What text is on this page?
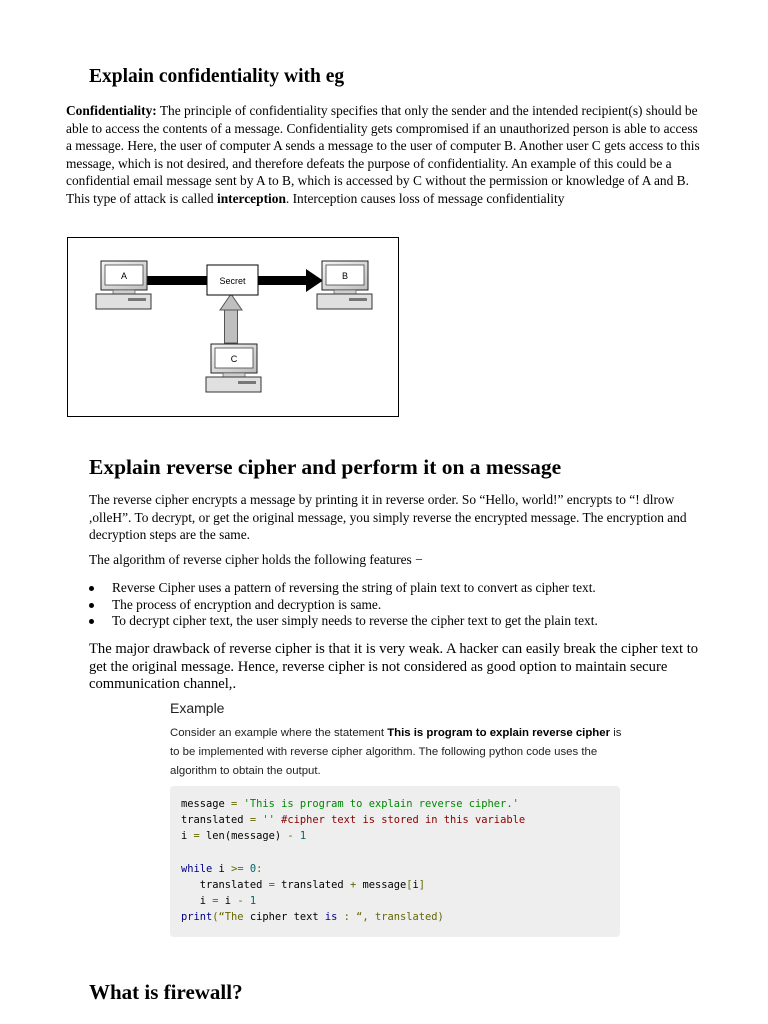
Explain confidentiality with eg

Confidentiality: The principle of confidentiality specifies that only the sender and the intended recipient(s) should be able to access the contents of a message. Confidentiality gets compromised if an unauthorized person is able to access a message. Here, the user of computer A sends a message to the user of computer B. Another user C gets access to this message, which is not desired, and therefore defeats the purpose of confidentiality. An example of this could be a confidential email message sent by A to B, which is accessed by C without the permission or knowledge of A and B. This type of attack is called interception. Interception causes loss of message confidentiality

Secret
A	B
C
Explain reverse cipher and perform it on a message

The reverse cipher encrypts a message by printing it in reverse order. So “Hello, world!” encrypts to “! dlrow ,olleH”. To decrypt, or get the original message, you simply reverse the encrypted message. The encryption and decryption steps are the same.

The algorithm of reverse cipher holds the following features −

Reverse Cipher uses a pattern of reversing the string of plain text to convert as cipher text.
The process of encryption and decryption is same.
To decrypt cipher text, the user simply needs to reverse the cipher text to get the plain text.

The major drawback of reverse cipher is that it is very weak. A hacker can easily break the cipher text to get the original message. Hence, reverse cipher is not considered as good option to maintain secure communication channel,.

Example

Consider an example where the statement This is program to explain reverse cipher is to be implemented with reverse cipher algorithm. The following python code uses the algorithm to obtain the output.

message = 'This is program to explain reverse cipher.'
translated = '' #cipher text is stored in this variable
i = len(message) - 1
while i >= 0:
translated = translated + message[i]
i = i - 1
print(“The cipher text is : “, translated)
What is firewall?
